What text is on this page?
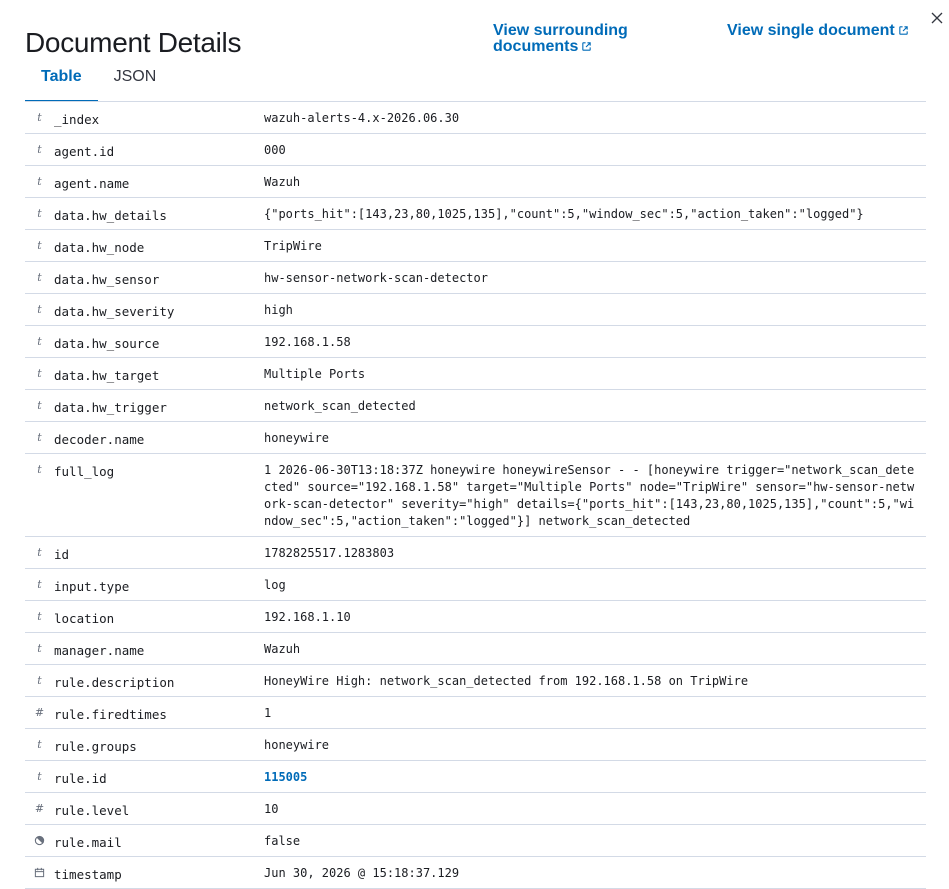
Document Details	View surrounding documents
View single document
Table	JSON
t _index	wazuh-alerts-4.x-2026.06.30
t agent.id	000
t agent.name	Wazuh
t data.hw_details	{"ports_hit":[143,23,80,1025,135],"count":5,"window_sec":5,"action_taken":"logged"}
t data.hw_node	TripWire
t data.hw_sensor	hw-sensor-network-scan-detector
t data.hw_severity	high
t data.hw_source	192.168.1.58
t data.hw_target	Multiple Ports
t data.hw_trigger	network_scan_detected
t decoder.name	honeywire
t full_log	1 2026-06-30T13:18:37Z honeywire honeywireSensor - - [honeywire trigger="network_scan_detected" source="192.168.1.58" target="Multiple Ports" node="TripWire" sensor="hw-sensor-network-scan-detector" severity="high" details={"ports_hit":[143,23,80,1025,135],"count":5,"window_sec":5,"action_taken":"logged"}] network_scan_detected
t id	1782825517.1283803
t input.type	log
t location	192.168.1.10
t manager.name	Wazuh
t rule.description	HoneyWire High: network_scan_detected from 192.168.1.58 on TripWire
# rule.firedtimes	1
t rule.groups	honeywire
t rule.id	115005
# rule.level	10
rule.mail	false
timestamp	Jun 30, 2026 @ 15:18:37.129
